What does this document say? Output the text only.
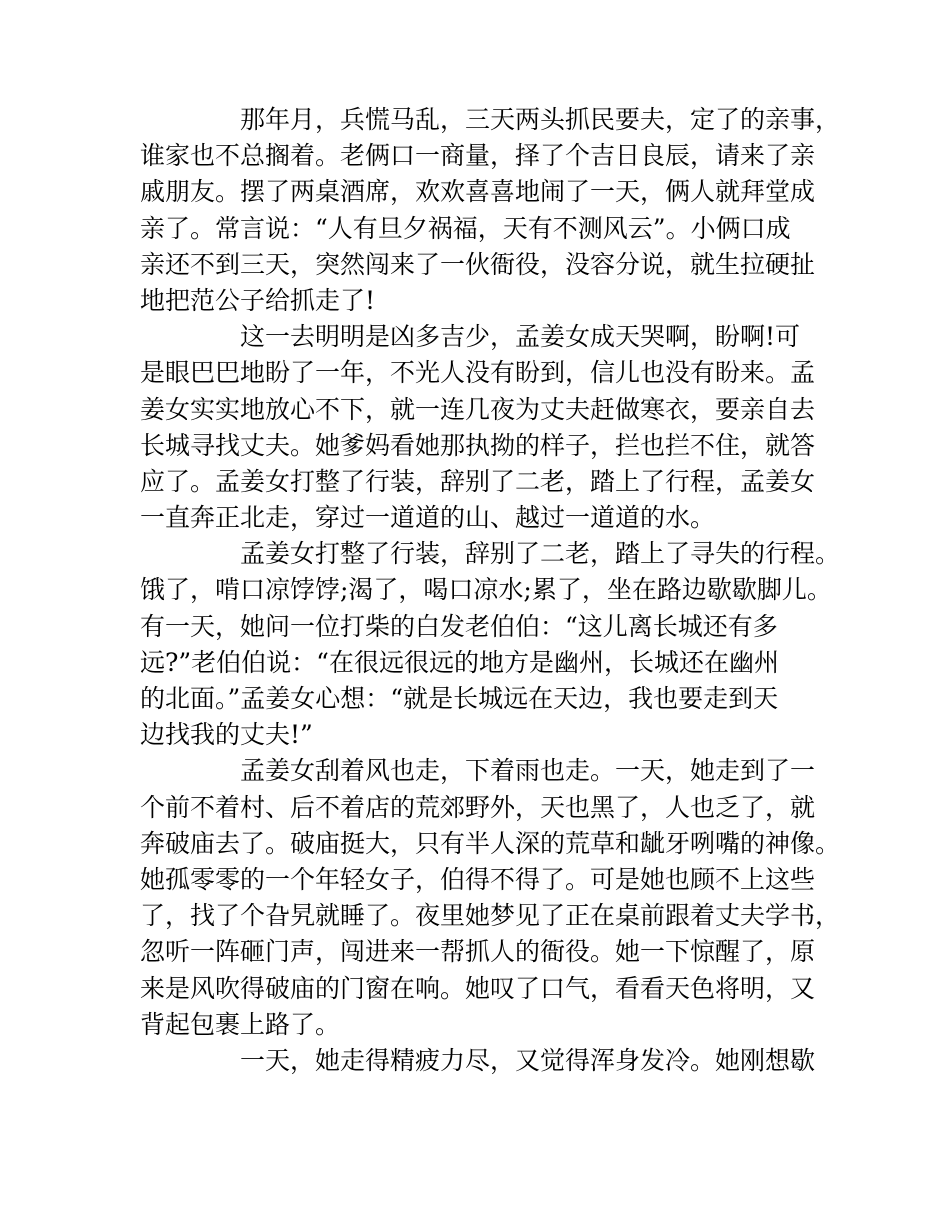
那年月，兵慌马乱，三天两头抓民要夫，定了的亲事，
谁家也不总搁着。老俩口一商量，择了个吉日良辰，请来了亲
戚朋友。摆了两桌酒席，欢欢喜喜地闹了一天，俩人就拜堂成
亲了。常言说：“人有旦夕祸福，天有不测风云”。小俩口成
亲还不到三天，突然闯来了一伙衙役，没容分说，就生拉硬扯
地把范公子给抓走了!
这一去明明是凶多吉少，孟姜女成天哭啊，盼啊!可
是眼巴巴地盼了一年，不光人没有盼到，信儿也没有盼来。孟
姜女实实地放心不下，就一连几夜为丈夫赶做寒衣，要亲自去
长城寻找丈夫。她爹妈看她那执拗的样子，拦也拦不住，就答
应了。孟姜女打整了行装，辞别了二老，踏上了行程，孟姜女
一直奔正北走，穿过一道道的山、越过一道道的水。
孟姜女打整了行装，辞别了二老，踏上了寻失的行程。
饿了，啃口凉饽饽;渴了，喝口凉水;累了，坐在路边歇歇脚儿。
有一天，她问一位打柴的白发老伯伯：“这儿离长城还有多
远?”老伯伯说：“在很远很远的地方是幽州，长城还在幽州
的北面。”孟姜女心想：“就是长城远在天边，我也要走到天
边找我的丈夫!”
孟姜女刮着风也走，下着雨也走。一天，她走到了一
个前不着村、后不着店的荒郊野外，天也黑了，人也乏了，就
奔破庙去了。破庙挺大，只有半人深的荒草和龇牙咧嘴的神像。
她孤零零的一个年轻女子，伯得不得了。可是她也顾不上这些
了，找了个旮旯就睡了。夜里她梦见了正在桌前跟着丈夫学书，
忽听一阵砸门声，闯进来一帮抓人的衙役。她一下惊醒了，原
来是风吹得破庙的门窗在响。她叹了口气，看看天色将明，又
背起包裹上路了。
一天，她走得精疲力尽，又觉得浑身发冷。她刚想歇
